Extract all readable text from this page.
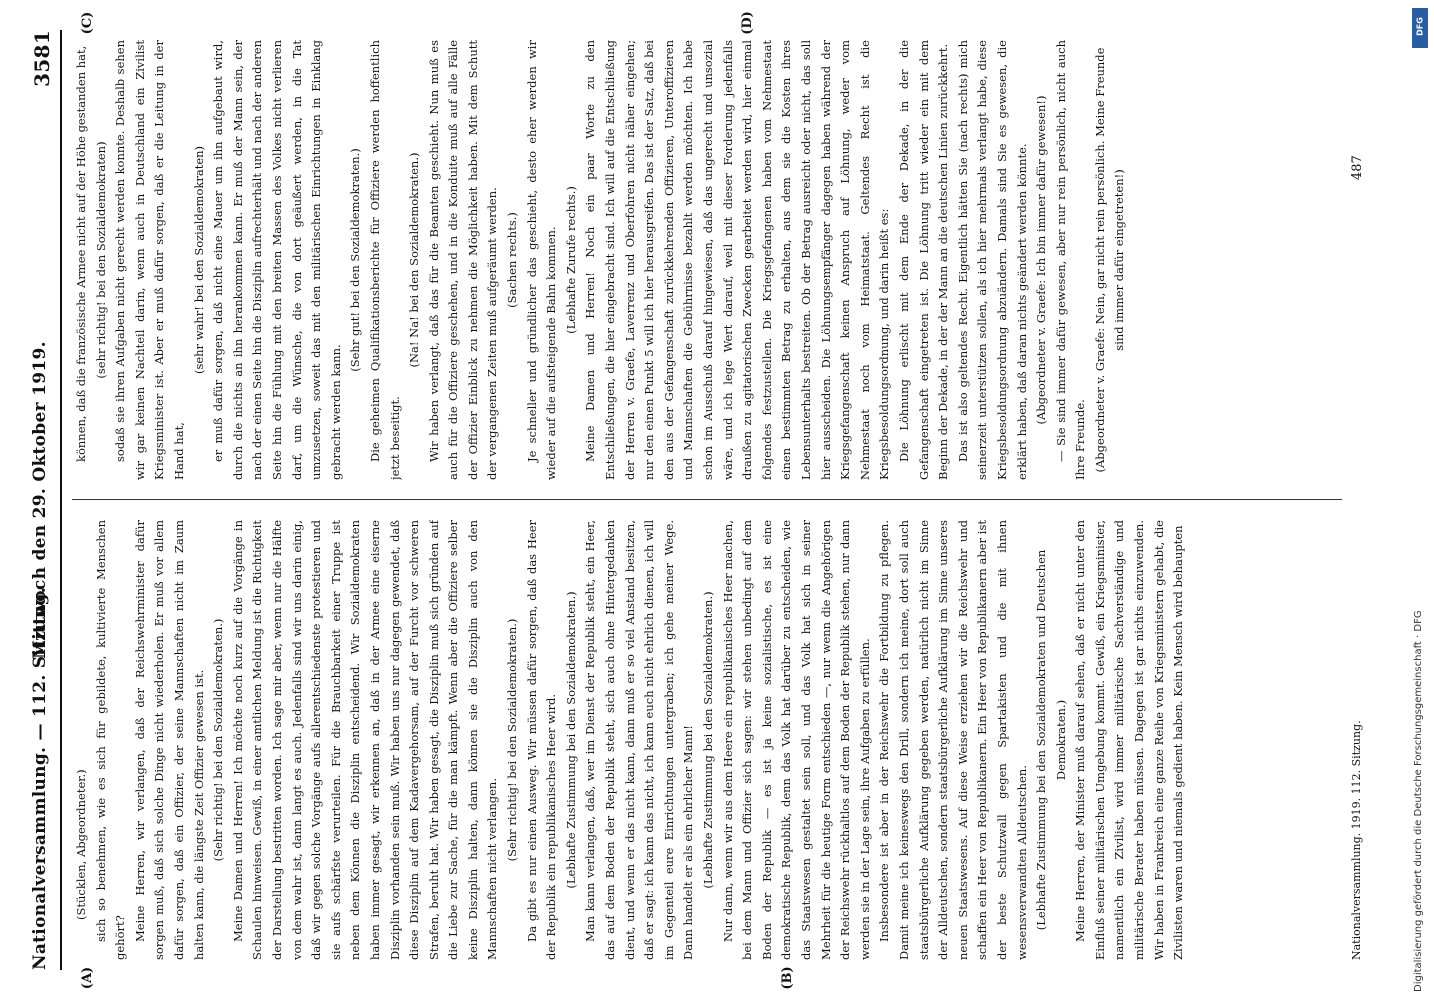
Nationalversammlung. — 112. Sitzung.
Mittwoch den 29. Oktober 1919.
3581
(A)	(B)
(C)	(D)

(Stücklen, Abgeordneter.) sich so benehmen, wie es sich für gebildete, kultivierte Menschen gehört? Meine Herren, wir verlangen, daß der Reichswehrminister dafür sorgen muß, daß sich solche Dinge nicht wiederholen. Er muß vor allem dafür sorgen, daß ein Offizier, der seine Mannschaften nicht im Zaum halten kann, die längste Zeit Offizier gewesen ist. (Sehr richtig! bei den Sozialdemokraten.) Meine Damen und Herren! Ich möchte noch kurz auf die Vorgänge in Schaulen hinweisen. Gewiß, in einer amtlichen Meldung ist die Richtigkeit der Darstellung bestritten worden. Ich sage mir aber, wenn nur die Hälfte von dem wahr ist, dann langt es auch. Jedenfalls sind wir uns darin einig, daß wir gegen solche Vorgänge aufs allerentschiedenste protestieren und sie aufs schärfste verurteilen. Für die Brauchbarkeit einer Truppe ist neben dem Können die Disziplin entscheidend. Wir Sozialdemokraten haben immer gesagt, wir erkennen an, daß in der Armee eine eiserne Disziplin vorhanden sein muß. Wir haben uns nur dagegen gewendet, daß diese Disziplin auf dem Kadavergehorsam, auf der Furcht vor schweren Strafen, beruht hat. Wir haben gesagt, die Disziplin muß sich gründen auf die Liebe zur Sache, für die man kämpft. Wenn aber die Offiziere selber keine Disziplin halten, dann können sie die Disziplin auch von den Mannschaften nicht verlangen.

(Sehr richtig! bei den Sozialdemokraten.) Da gibt es nur einen Ausweg. Wir müssen dafür sorgen, daß das Heer der Republik ein republikanisches Heer wird. (Lebhafte Zustimmung bei den Sozialdemokraten.) Man kann verlangen, daß, wer im Dienst der Republik steht, ein Heer, das auf dem Boden der Republik steht, sich auch ohne Hintergedanken dient, und wenn er das nicht kann, dann muß er so viel Anstand besitzen, daß er sagt: ich kann das nicht, ich kann euch nicht ehrlich dienen, ich will im Gegenteil eure Einrichtungen untergraben; ich gehe meiner Wege. Dann handelt er als ein ehrlicher Mann! (Lebhafte Zustimmung bei den Sozialdemokraten.) Nur dann, wenn wir aus dem Heere ein republikanisches Heer machen, bei dem Mann und Offizier sich sagen: wir stehen unbedingt auf dem Boden der Republik — es ist ja keine sozialistische, es ist eine demokratische Republik, denn das Volk hat darüber zu entscheiden, wie das Staatswesen gestaltet sein soll, und das Volk hat sich in seiner Mehrheit für die heutige Form entschieden —, nur wenn die Angehörigen der Reichswehr rückhaltlos auf dem Boden der Republik stehen, nur dann werden sie in der Lage sein, ihre Aufgaben zu erfüllen. Insbesondere ist aber in der Reichswehr die Fortbildung zu pflegen. Damit meine ich keineswegs den Drill, sondern ich meine, dort soll auch staatsbürgerliche Aufklärung gegeben werden, natürlich nicht im Sinne der Alldeutschen, sondern staatsbürgerliche Aufklärung im Sinne unseres neuen Staatswesens. Auf diese Weise erziehen wir die Reichswehr und schaffen ein Heer von Republikanern. Ein Heer von Republikanern aber ist der beste Schutzwall gegen Spartakisten und die mit ihnen wesensverwandten Alldeutschen. (Lebhafte Zustimmung bei den Sozialdemokraten und Deutschen Demokraten.) Meine Herren, der Minister muß darauf sehen, daß er nicht unter den Einfluß seiner militärischen Umgebung kommt. Gewiß, ein Kriegsminister, namentlich ein Zivilist, wird immer militärische Sachverständige und militärische Berater haben müssen. Dagegen ist gar nichts einzuwenden. Wir haben in Frankreich eine ganze Reihe von Kriegsministern gehabt, die Zivilisten waren und niemals gedient haben. Kein Mensch wird behaupten

können, daß die französische Armee nicht auf der Höhe gestanden hat, (sehr richtig! bei den Sozialdemokraten) sodaß sie ihren Aufgaben nicht gerecht werden konnte. Deshalb sehen wir gar keinen Nachteil darin, wenn auch in Deutschland ein Zivilist Kriegsminister ist. Aber er muß dafür sorgen, daß er die Leitung in der Hand hat,

(sehr wahr! bei den Sozialdemokraten) er muß dafür sorgen, daß nicht eine Mauer um ihn aufgebaut wird, durch die nichts an ihn herankommen kann. Er muß der Mann sein, der nach der einen Seite hin die Disziplin aufrechterhält und nach der anderen Seite hin die Fühlung mit den breiten Massen des Volkes nicht verlieren darf, um die Wünsche, die von dort geäußert werden, in die Tat umzusetzen, soweit das mit den militärischen Einrichtungen in Einklang gebracht werden kann.

(Sehr gut! bei den Sozialdemokraten.) Die geheimen Qualifikationsberichte für Offiziere werden hoffentlich jetzt beseitigt.

(Na! Na! bei den Sozialdemokraten.) Wir haben verlangt, daß das für die Beamten geschieht. Nun muß es auch für die Offiziere geschehen, und in die Konduite muß auf alle Fälle der Offizier Einblick zu nehmen die Möglichkeit haben. Mit dem Schutt der vergangenen Zeiten muß aufgeräumt werden. (Sachen rechts.) Je schneller und gründlicher das geschieht, desto eher werden wir wieder auf die aufsteigende Bahn kommen. (Lebhafte Zurufe rechts.) Meine Damen und Herren! Noch ein paar Worte zu den Entschließungen, die hier eingebracht sind. Ich will auf die Entschließung der Herren v. Graefe, Laverrenz und Oberfohren nicht näher eingehen; nur den einen Punkt 5 will ich hier herausgreifen. Das ist der Satz, daß bei den aus der Gefangenschaft zurückkehrenden Offizieren, Unteroffizieren und Mannschaften die Gebührnisse bezahlt werden möchten. Ich habe schon im Ausschuß darauf hingewiesen, daß das ungerecht und unsozial wäre, und ich lege Wert darauf, weil mit dieser Forderung jedenfalls draußen zu agitatorischen Zwecken gearbeitet werden wird, hier einmal folgendes festzustellen. Die Kriegsgefangenen haben vom Nehmestaat einen bestimmten Betrag zu erhalten, aus dem sie die Kosten ihres Lebensunterhalts bestreiten. Ob der Betrag ausreicht oder nicht, das soll hier ausscheiden. Die Löhnungsempfänger dagegen haben während der Kriegsgefangenschaft keinen Anspruch auf Löhnung, weder vom Nehmestaat noch vom Heimatstaat. Geltendes Recht ist die Kriegsbesoldungsordnung, und darin heißt es: Die Löhnung erlischt mit dem Ende der Dekade, in der die Gefangenschaft eingetreten ist. Die Löhnung tritt wieder ein mit dem Beginn der Dekade, in der der Mann an die deutschen Linien zurückkehrt. Das ist also geltendes Recht. Eigentlich hätten Sie (nach rechts) mich seinerzeit unterstützen sollen, als ich hier mehrmals verlangt habe, diese Kriegsbesoldungsordnung abzuändern. Damals sind Sie es gewesen, die erklärt haben, daß daran nichts geändert werden könnte. (Abgeordneter v. Graefe: Ich bin immer dafür gewesen!) — Sie sind immer dafür gewesen, aber nur rein persönlich, nicht auch Ihre Freunde. (Abgeordneter v. Graefe: Nein, gar nicht rein persönlich. Meine Freunde sind immer dafür eingetreten!)

487
Nationalversammlung. 1919. 112. Sitzung.	Digitalisierung gefördert durch die Deutsche Forschungsgemeinschaft · DFG
DFG
